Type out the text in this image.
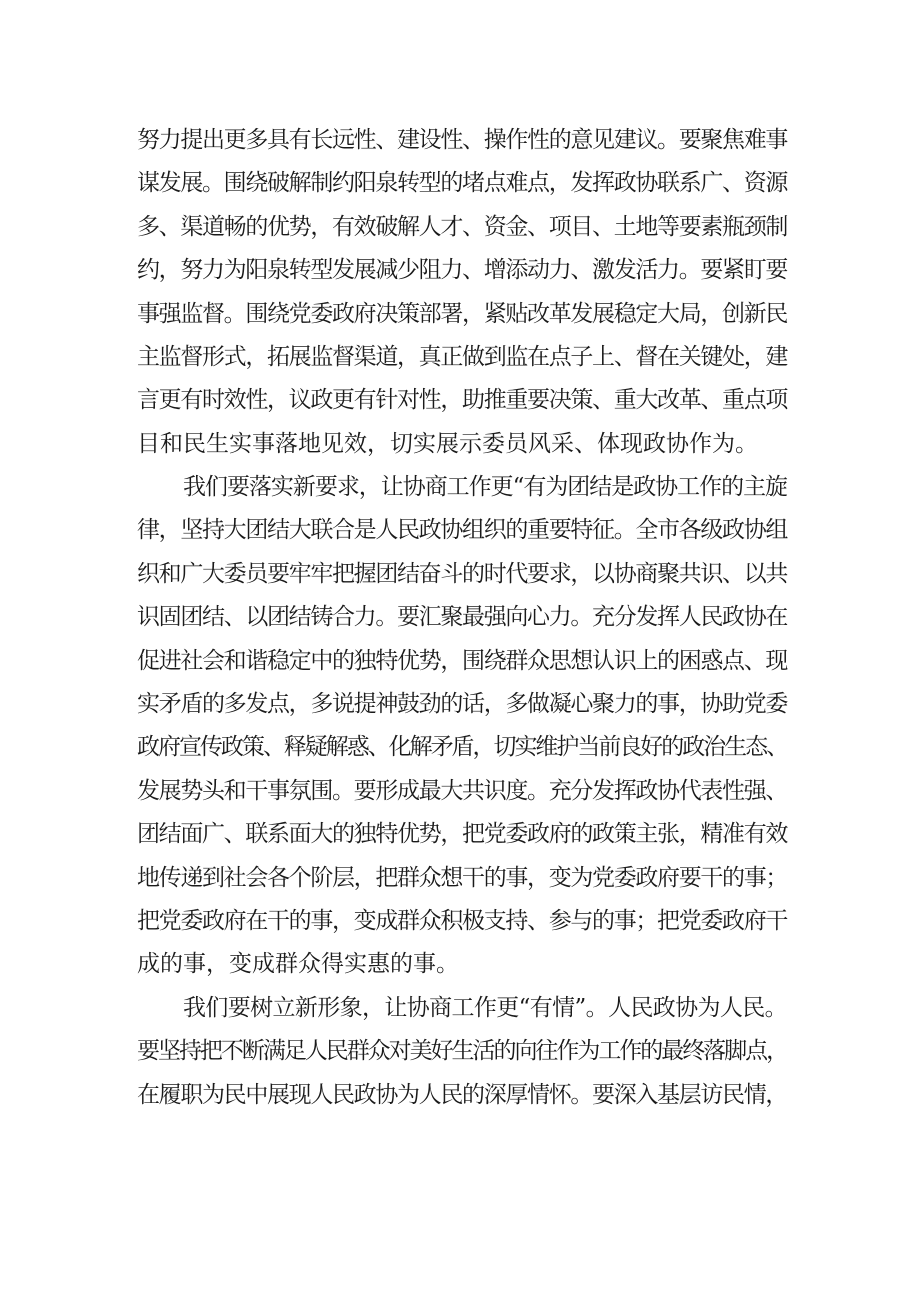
努力提出更多具有长远性、建设性、操作性的意见建议。要聚焦难事
谋发展。围绕破解制约阳泉转型的堵点难点，发挥政协联系广、资源
多、渠道畅的优势，有效破解人才、资金、项目、土地等要素瓶颈制
约，努力为阳泉转型发展减少阻力、增添动力、激发活力。要紧盯要
事强监督。围绕党委政府决策部署，紧贴改革发展稳定大局，创新民
主监督形式，拓展监督渠道，真正做到监在点子上、督在关键处，建
言更有时效性，议政更有针对性，助推重要决策、重大改革、重点项
目和民生实事落地见效，切实展示委员风采、体现政协作为。
我们要落实新要求，让协商工作更“有为团结是政协工作的主旋
律，坚持大团结大联合是人民政协组织的重要特征。全市各级政协组
织和广大委员要牢牢把握团结奋斗的时代要求，以协商聚共识、以共
识固团结、以团结铸合力。要汇聚最强向心力。充分发挥人民政协在
促进社会和谐稳定中的独特优势，围绕群众思想认识上的困惑点、现
实矛盾的多发点，多说提神鼓劲的话，多做凝心聚力的事，协助党委
政府宣传政策、释疑解惑、化解矛盾，切实维护当前良好的政治生态、
发展势头和干事氛围。要形成最大共识度。充分发挥政协代表性强、
团结面广、联系面大的独特优势，把党委政府的政策主张，精准有效
地传递到社会各个阶层，把群众想干的事，变为党委政府要干的事；
把党委政府在干的事，变成群众积极支持、参与的事；把党委政府干
成的事，变成群众得实惠的事。
我们要树立新形象，让协商工作更“有情”。人民政协为人民。
要坚持把不断满足人民群众对美好生活的向往作为工作的最终落脚点，
在履职为民中展现人民政协为人民的深厚情怀。要深入基层访民情，
